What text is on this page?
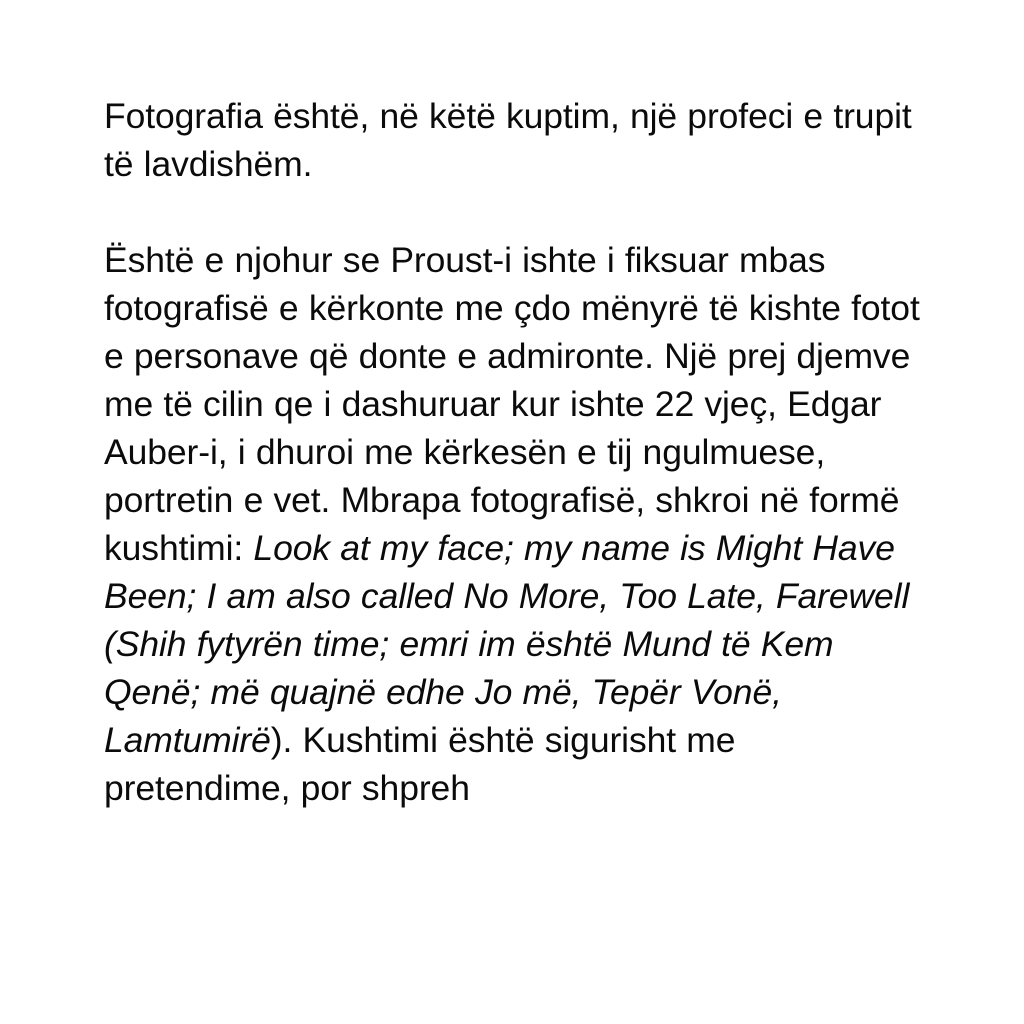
Fotografia është, në këtë kuptim, një profeci e trupit të lavdishëm.

Është e njohur se Proust-i ishte i fiksuar mbas fotografisë e kërkonte me çdo mënyrë të kishte fotot e personave që donte e admironte. Një prej djemve me të cilin qe i dashuruar kur ishte 22 vjeç, Edgar Auber-i, i dhuroi me kërkesën e tij ngulmuese, portretin e vet. Mbrapa fotografisë, shkroi në formë kushtimi: Look at my face; my name is Might Have Been; I am also called No More, Too Late, Farewell (Shih fytyrën time; emri im është Mund të Kem Qenë; më quajnë edhe Jo më, Tepër Vonë, Lamtumirë). Kushtimi është sigurisht me pretendime, por shpreh
